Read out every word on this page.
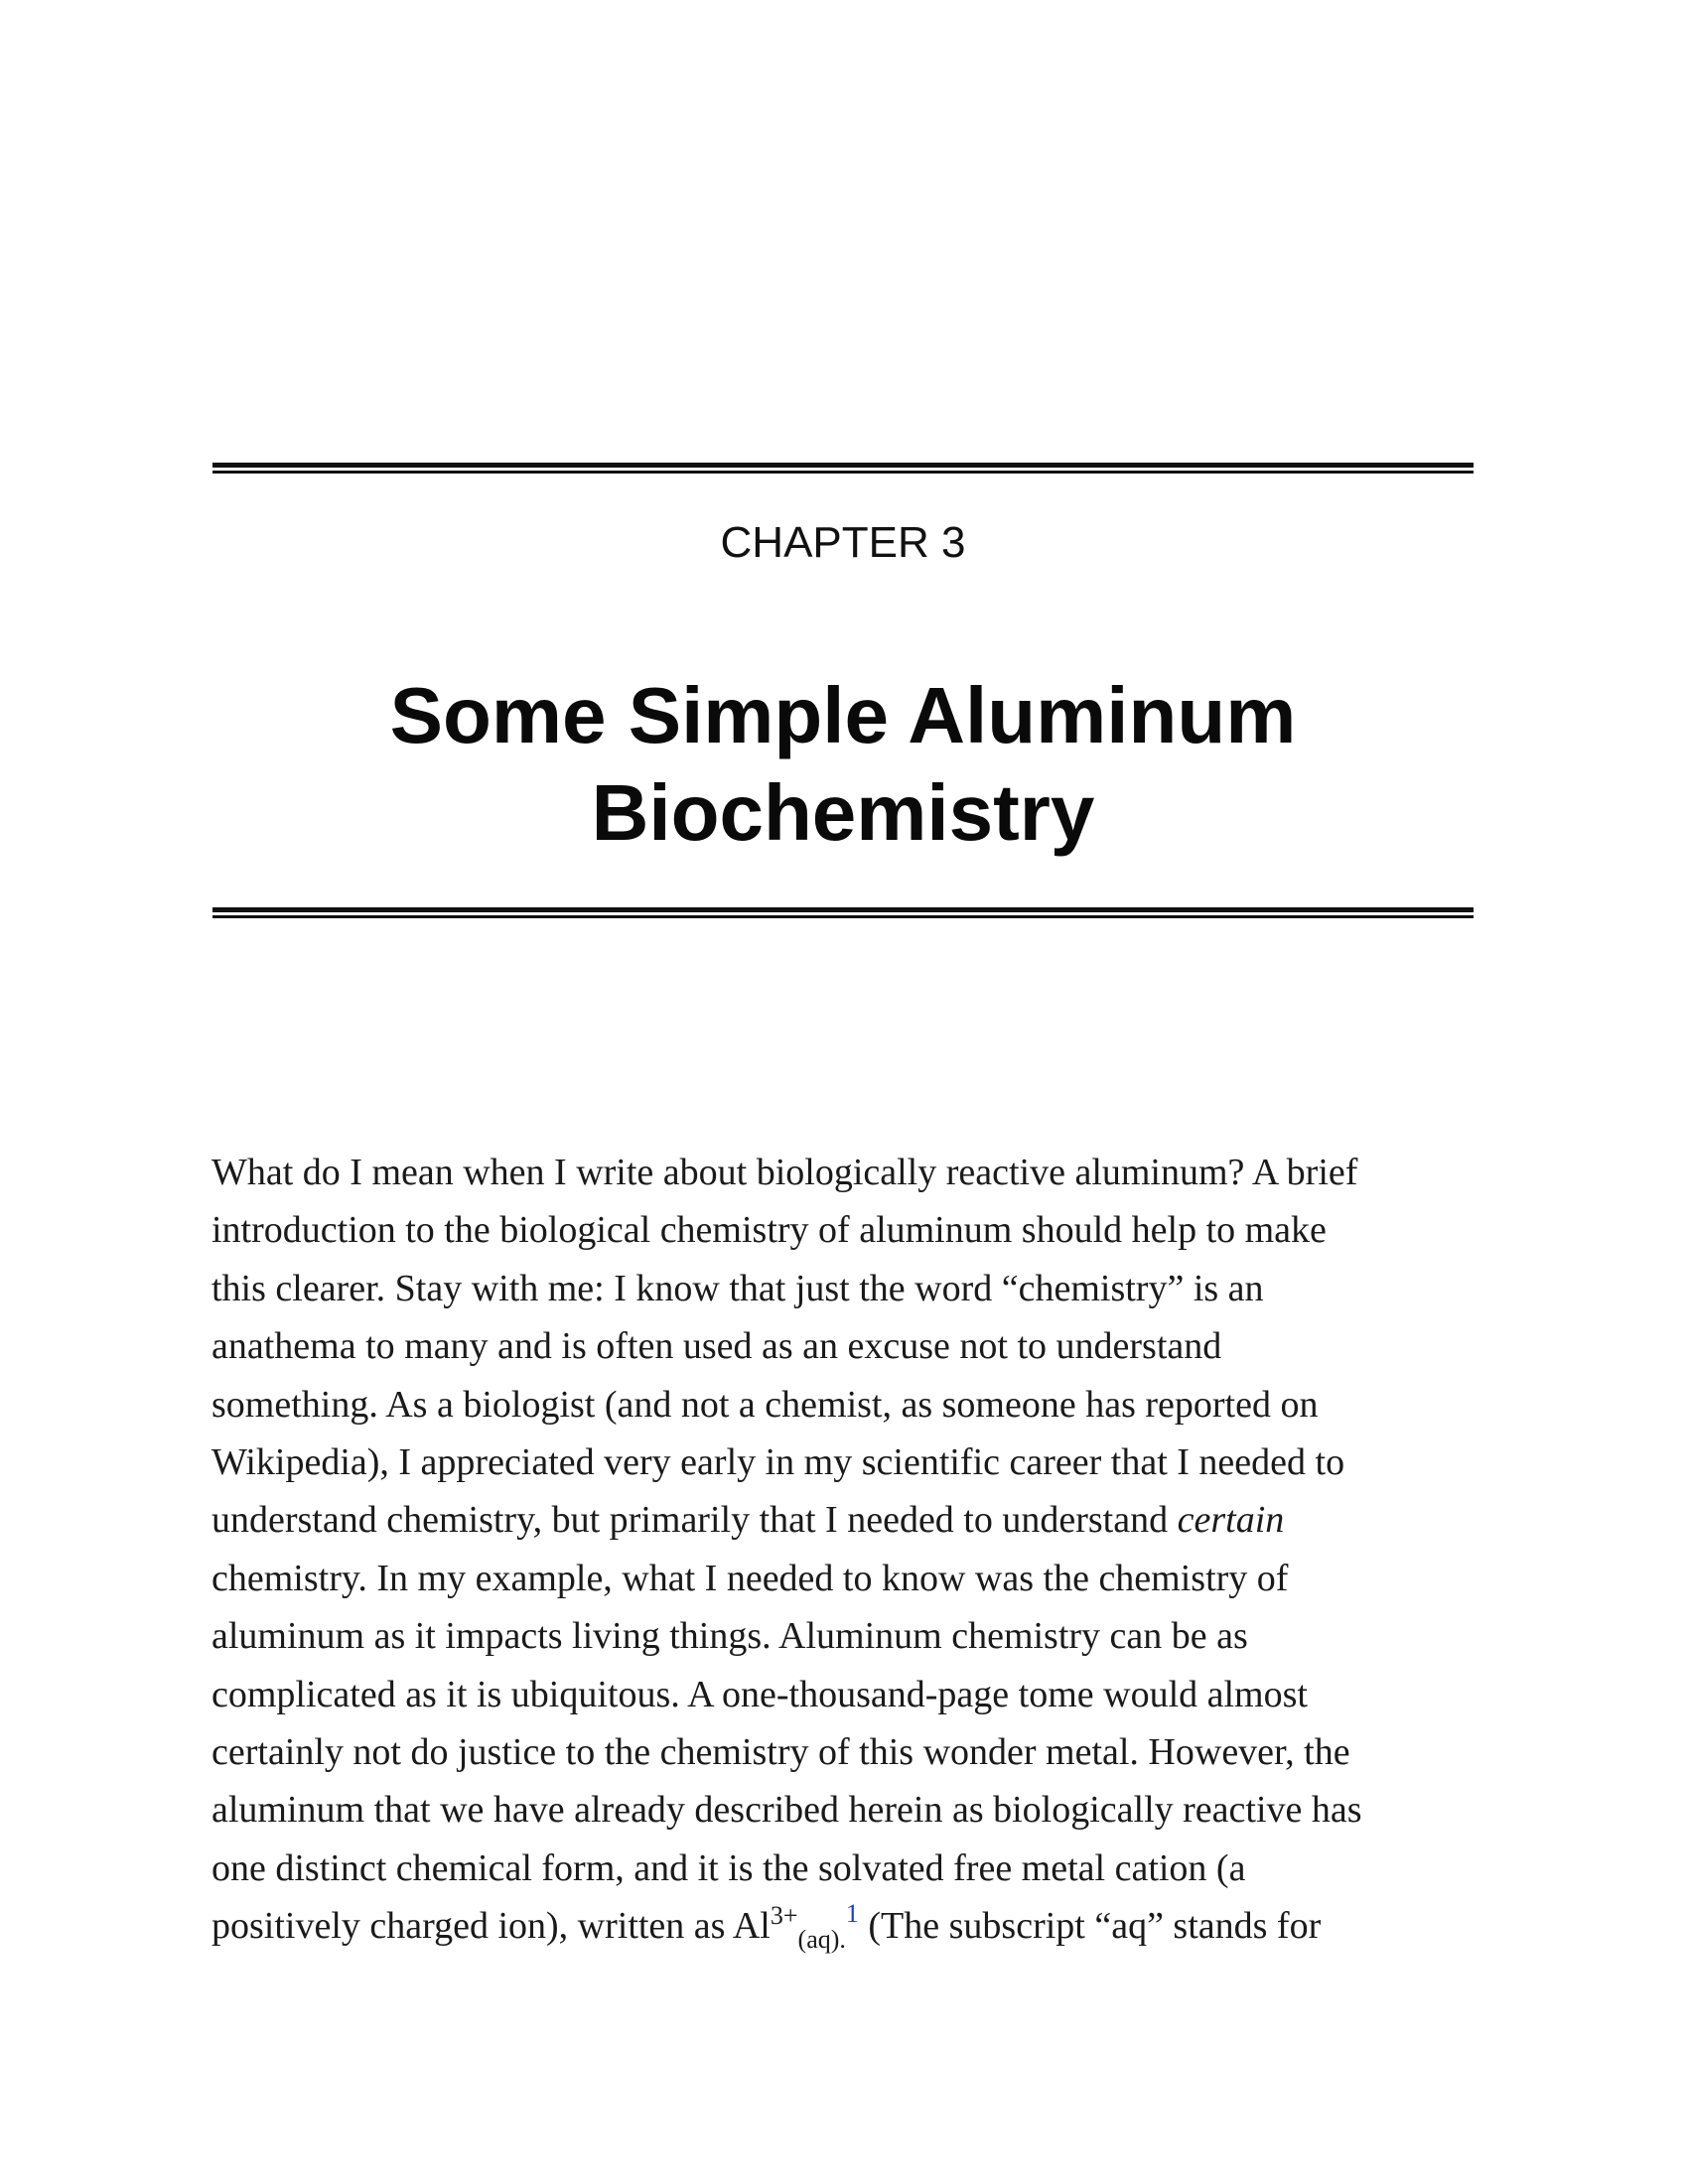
CHAPTER 3
Some Simple Aluminum
Biochemistry
What do I mean when I write about biologically reactive aluminum? A brief
introduction to the biological chemistry of aluminum should help to make
this clearer. Stay with me: I know that just the word “chemistry” is an
anathema to many and is often used as an excuse not to understand
something. As a biologist (and not a chemist, as someone has reported on
Wikipedia), I appreciated very early in my scientific career that I needed to
understand chemistry, but primarily that I needed to understand certain
chemistry. In my example, what I needed to know was the chemistry of
aluminum as it impacts living things. Aluminum chemistry can be as
complicated as it is ubiquitous. A one-thousand-page tome would almost
certainly not do justice to the chemistry of this wonder metal. However, the
aluminum that we have already described herein as biologically reactive has
one distinct chemical form, and it is the solvated free metal cation (a
positively charged ion), written as $Al^{3+}_{(aq).}^1$ (The subscript “aq” stands for
